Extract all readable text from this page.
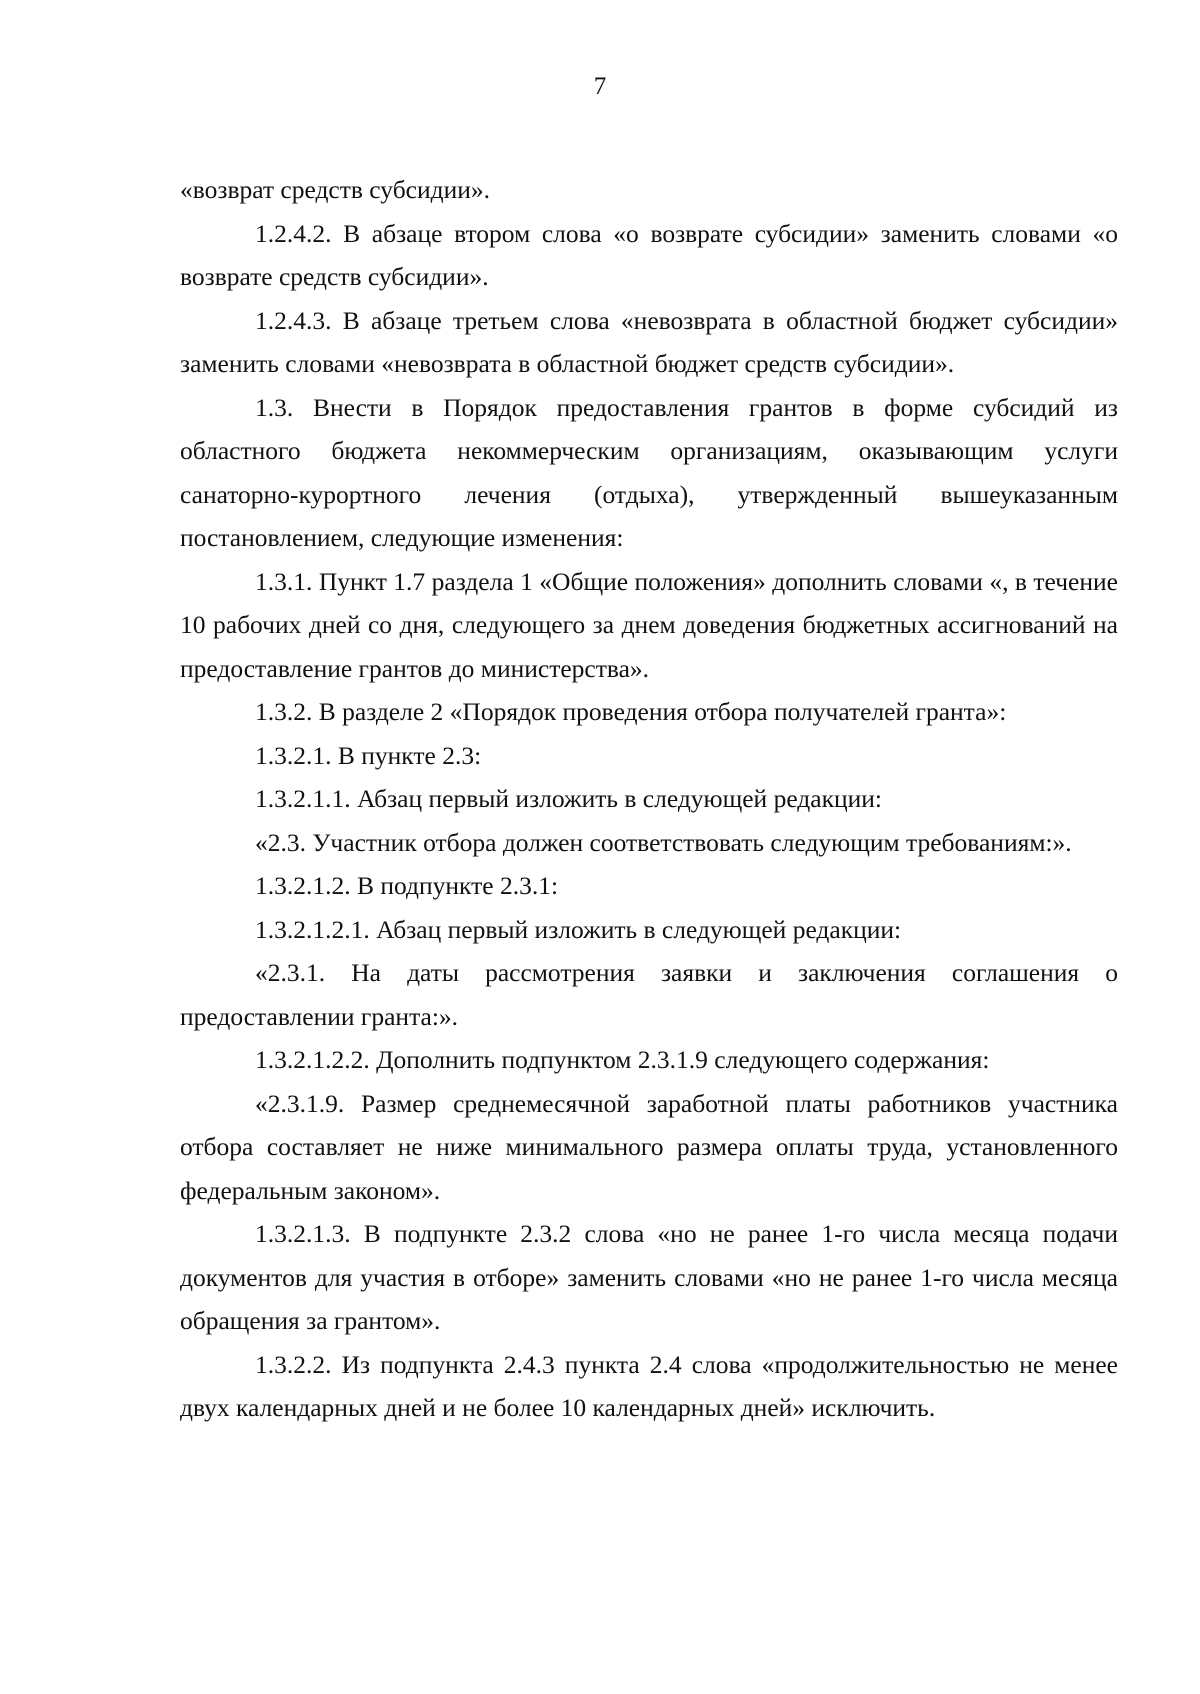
7

«возврат средств субсидии».

1.2.4.2. В абзаце втором слова «о возврате субсидии» заменить словами «о возврате средств субсидии».

1.2.4.3. В абзаце третьем слова «невозврата в областной бюджет субсидии» заменить словами «невозврата в областной бюджет средств субсидии».

1.3. Внести в Порядок предоставления грантов в форме субсидий из областного бюджета некоммерческим организациям, оказывающим услуги санаторно-курортного лечения (отдыха), утвержденный вышеуказанным постановлением, следующие изменения:

1.3.1. Пункт 1.7 раздела 1 «Общие положения» дополнить словами «, в течение 10 рабочих дней со дня, следующего за днем доведения бюджетных ассигнований на предоставление грантов до министерства».

1.3.2. В разделе 2 «Порядок проведения отбора получателей гранта»:

1.3.2.1. В пункте 2.3:

1.3.2.1.1. Абзац первый изложить в следующей редакции:

«2.3. Участник отбора должен соответствовать следующим требованиям:».

1.3.2.1.2. В подпункте 2.3.1:

1.3.2.1.2.1. Абзац первый изложить в следующей редакции:

«2.3.1. На даты рассмотрения заявки и заключения соглашения о предоставлении гранта:».

1.3.2.1.2.2. Дополнить подпунктом 2.3.1.9 следующего содержания:

«2.3.1.9. Размер среднемесячной заработной платы работников участника отбора составляет не ниже минимального размера оплаты труда, установленного федеральным законом».

1.3.2.1.3. В подпункте 2.3.2 слова «но не ранее 1-го числа месяца подачи документов для участия в отборе» заменить словами «но не ранее 1-го числа месяца обращения за грантом».

1.3.2.2. Из подпункта 2.4.3 пункта 2.4 слова «продолжительностью не менее двух календарных дней и не более 10 календарных дней» исключить.
